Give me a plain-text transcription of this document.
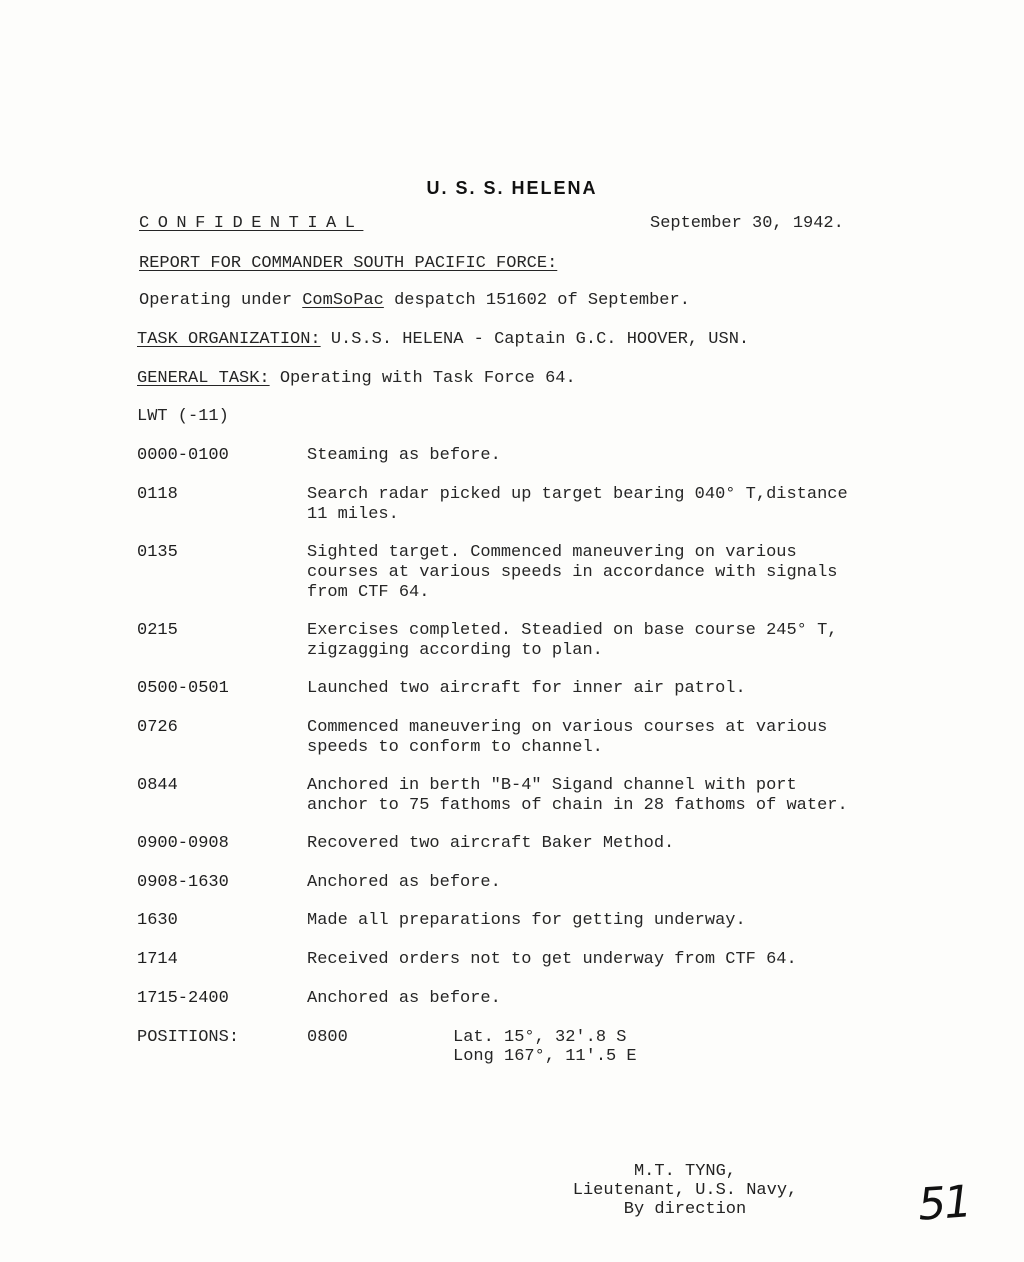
U. S. S. HELENA
CONFIDENTIAL	September 30, 1942.
REPORT FOR COMMANDER SOUTH PACIFIC FORCE:
Operating under ComSoPac despatch 151602 of September.
TASK ORGANIZATION: U.S.S. HELENA - Captain G.C. HOOVER, USN.
GENERAL TASK: Operating with Task Force 64.
LWT (-11)
0000-0100	Steaming as before.
0118	Search radar picked up target bearing 040° T,distance
11 miles.
0135	Sighted target. Commenced maneuvering on various
courses at various speeds in accordance with signals
from CTF 64.
0215	Exercises completed. Steadied on base course 245° T,
zigzagging according to plan.
0500-0501	Launched two aircraft for inner air patrol.
0726	Commenced maneuvering on various courses at various
speeds to conform to channel.
0844	Anchored in berth "B-4" Sigand channel with port
anchor to 75 fathoms of chain in 28 fathoms of water.
0900-0908	Recovered two aircraft Baker Method.
0908-1630	Anchored as before.
1630	Made all preparations for getting underway.
1714	Received orders not to get underway from CTF 64.
1715-2400	Anchored as before.
POSITIONS:	0800	Lat. 15°, 32'.8 S
Long 167°, 11'.5 E
M.T. TYNG,
Lieutenant, U.S. Navy,
By direction	51
